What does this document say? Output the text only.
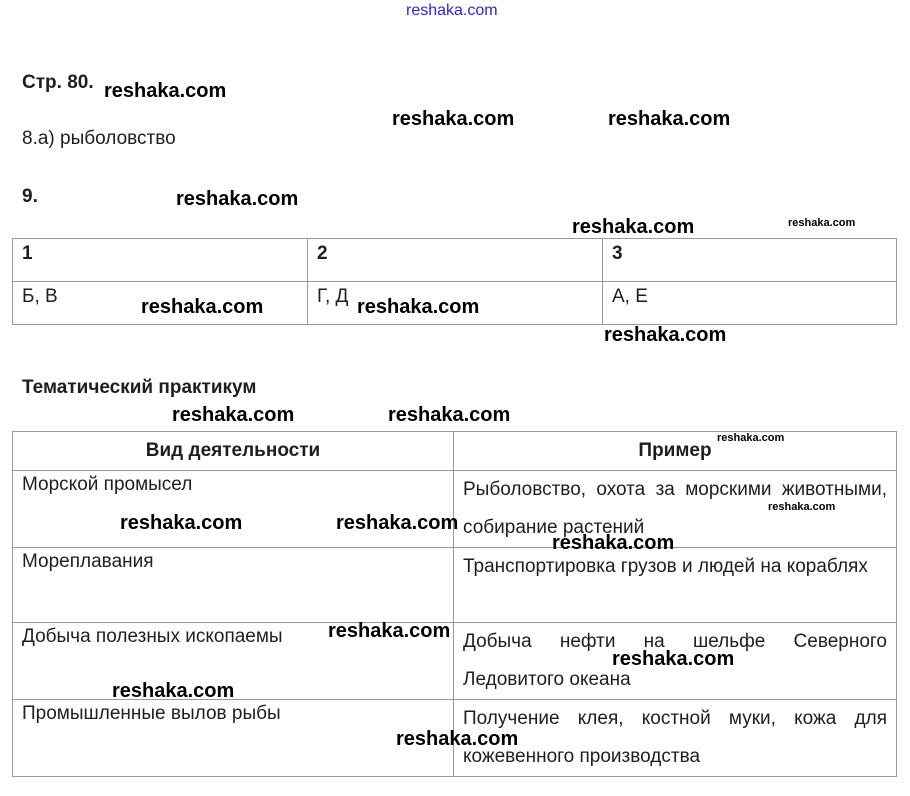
reshaka.com
Стр. 80.
8.а) рыболовство
9.
1	2	3
Б, В	Г, Д	А, Е
Тематический практикум
Вид деятельности	Пример
Морской промысел	Рыболовство, охота за морскими животными, собирание растений
Мореплавания	Транспортировка грузов и людей на кораблях
Добыча полезных ископаемы	Добыча нефти на шельфе Северного Ледовитого океана
Промышленные вылов рыбы	Получение клея, костной муки, кожа для кожевенного производства
reshaka.com
reshaka.com	reshaka.com
reshaka.com
reshaka.com	reshaka.com
reshaka.com	reshaka.com
reshaka.com
reshaka.com	reshaka.com
reshaka.com
reshaka.com
reshaka.com	reshaka.com
reshaka.com
reshaka.com
reshaka.com
reshaka.com
reshaka.com
